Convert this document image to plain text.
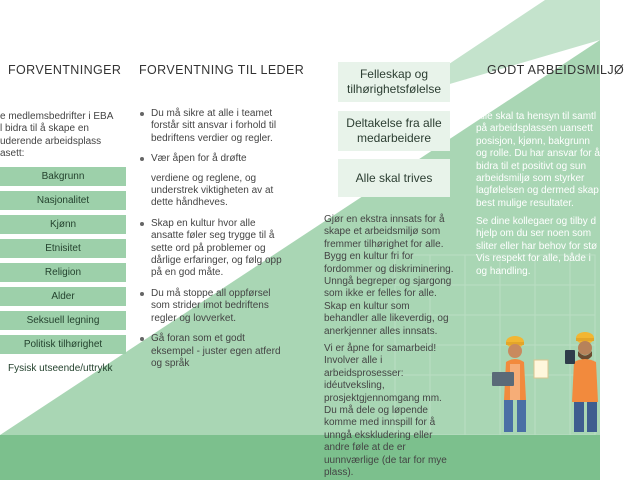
FORVENTNINGER
e medlemsbedrifter i EBA
l bidra til å skape en
uderende arbeidsplass
asett:
Bakgrunn
Nasjonalitet
Kjønn
Etnisitet
Religion
Alder
Seksuell legning
Politisk tilhørighet
Fysisk utseende/uttrykk
FORVENTNING TIL LEDER
Du må sikre at alle i teamet forstår sitt ansvar i forhold til bedriftens verdier og regler.
Vær åpen for å drøfte
verdiene og reglene, og understrek viktigheten av at dette håndheves.
Skap en kultur hvor alle ansatte føler seg trygge til å sette ord på problemer og dårlige erfaringer, og følg opp på en god måte.
Du må stoppe all oppførsel som strider imot bedriftens regler og lovverket.
Gå foran som et godt eksempel - juster egen atferd og språk
Felleskap og tilhørighetsfølelse
Deltakelse fra alle medarbeidere
Alle skal trives
Gjør en ekstra innsats for å skape et arbeidsmiljø som fremmer tilhørighet for alle. Bygg en kultur fri for fordommer og diskriminering. Unngå begreper og sjargong som ikke er felles for alle. Skap en kultur som behandler alle likeverdig, og anerkjenner alles innsats.
Vi er åpne for samarbeid! Involver alle i arbeidsprosesser: idéutveksling, prosjektgjennomgang mm. Du må dele og løpende komme med innspill for å unngå ekskludering eller andre føle at de er uunnværlige (de tar for mye plass).
GODT ARBEIDSMILJØ
Alle skal ta hensyn til samtl på arbeidsplassen uansett posisjon, kjønn, bakgrunn og rolle. Du har ansvar for å bidra til et positivt og sun arbeidsmiljø som styrker lagfølelsen og dermed skap best mulige resultater.
Se dine kollegaer og tilby d hjelp om du ser noen som sliter eller har behov for stø Vis respekt for alle, både i og handling.
